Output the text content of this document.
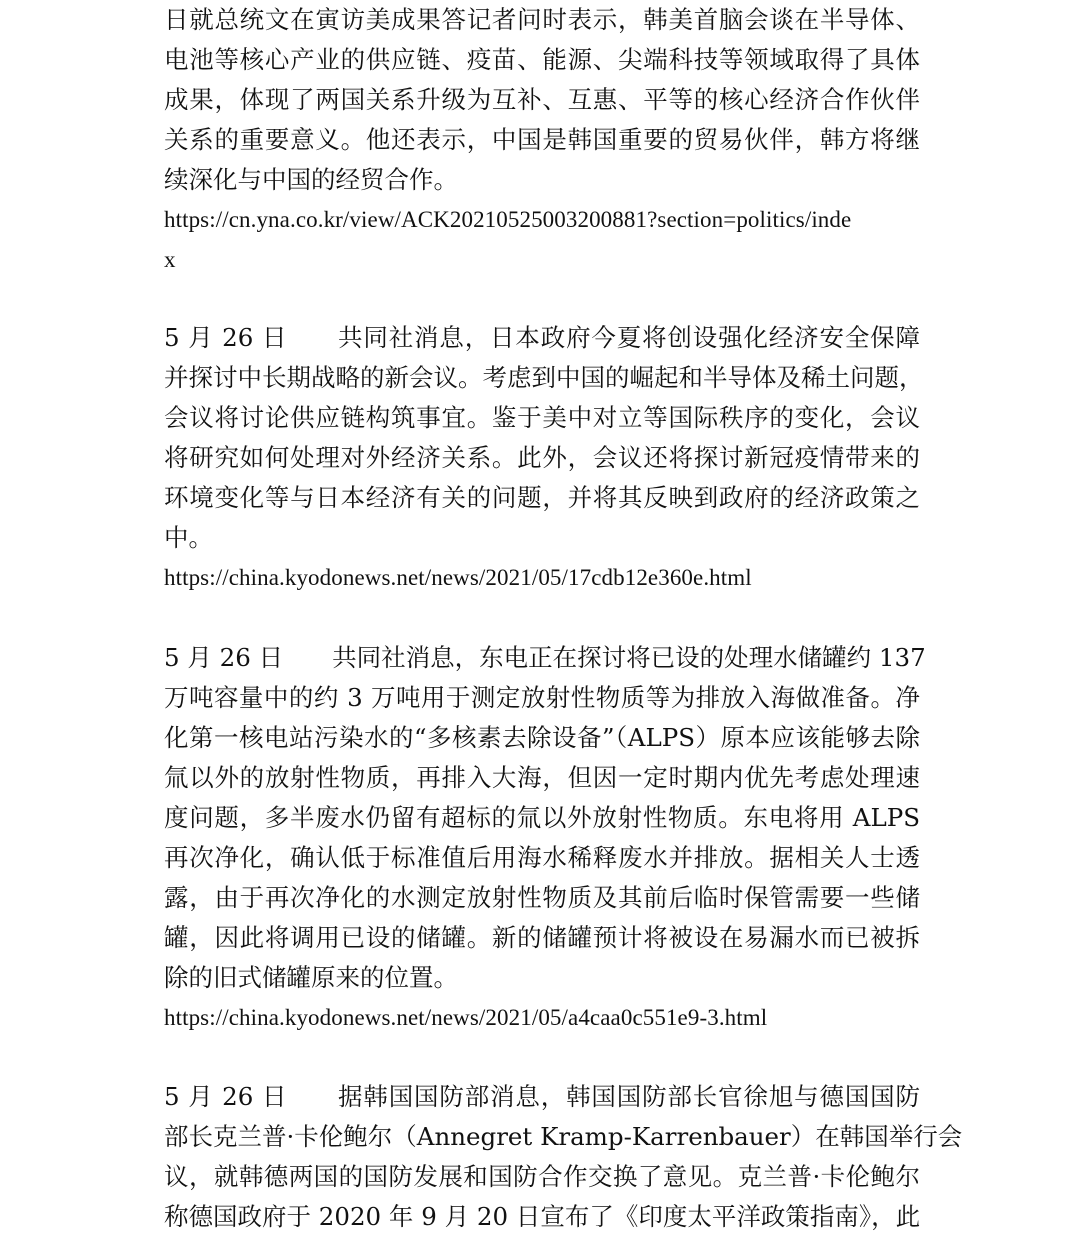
日就总统文在寅访美成果答记者问时表示，韩美首脑会谈在半导体、
电池等核心产业的供应链、疫苗、能源、尖端科技等领域取得了具体
成果，体现了两国关系升级为互补、互惠、平等的核心经济合作伙伴
关系的重要意义。他还表示，中国是韩国重要的贸易伙伴，韩方将继
续深化与中国的经贸合作。
https://cn.yna.co.kr/view/ACK20210525003200881?section=politics/inde
x
5 月 26 日　　共同社消息，日本政府今夏将创设强化经济安全保障
并探讨中长期战略的新会议。考虑到中国的崛起和半导体及稀土问题，
会议将讨论供应链构筑事宜。鉴于美中对立等国际秩序的变化，会议
将研究如何处理对外经济关系。此外，会议还将探讨新冠疫情带来的
环境变化等与日本经济有关的问题，并将其反映到政府的经济政策之
中。
https://china.kyodonews.net/news/2021/05/17cdb12e360e.html
5 月 26 日　　共同社消息，东电正在探讨将已设的处理水储罐约 137
万吨容量中的约 3 万吨用于测定放射性物质等为排放入海做准备。净
化第一核电站污染水的“多核素去除设备”（ALPS）原本应该能够去除
氚以外的放射性物质，再排入大海，但因一定时期内优先考虑处理速
度问题，多半废水仍留有超标的氚以外放射性物质。东电将用 ALPS
再次净化，确认低于标准值后用海水稀释废水并排放。据相关人士透
露，由于再次净化的水测定放射性物质及其前后临时保管需要一些储
罐，因此将调用已设的储罐。新的储罐预计将被设在易漏水而已被拆
除的旧式储罐原来的位置。
https://china.kyodonews.net/news/2021/05/a4caa0c551e9-3.html
5 月 26 日　　据韩国国防部消息，韩国国防部长官徐旭与德国国防
部长克兰普·卡伦鲍尔（Annegret Kramp-Karrenbauer）在韩国举行会
议，就韩德两国的国防发展和国防合作交换了意见。克兰普·卡伦鲍尔
称德国政府于 2020 年 9 月 20 日宣布了《印度太平洋政策指南》，此
